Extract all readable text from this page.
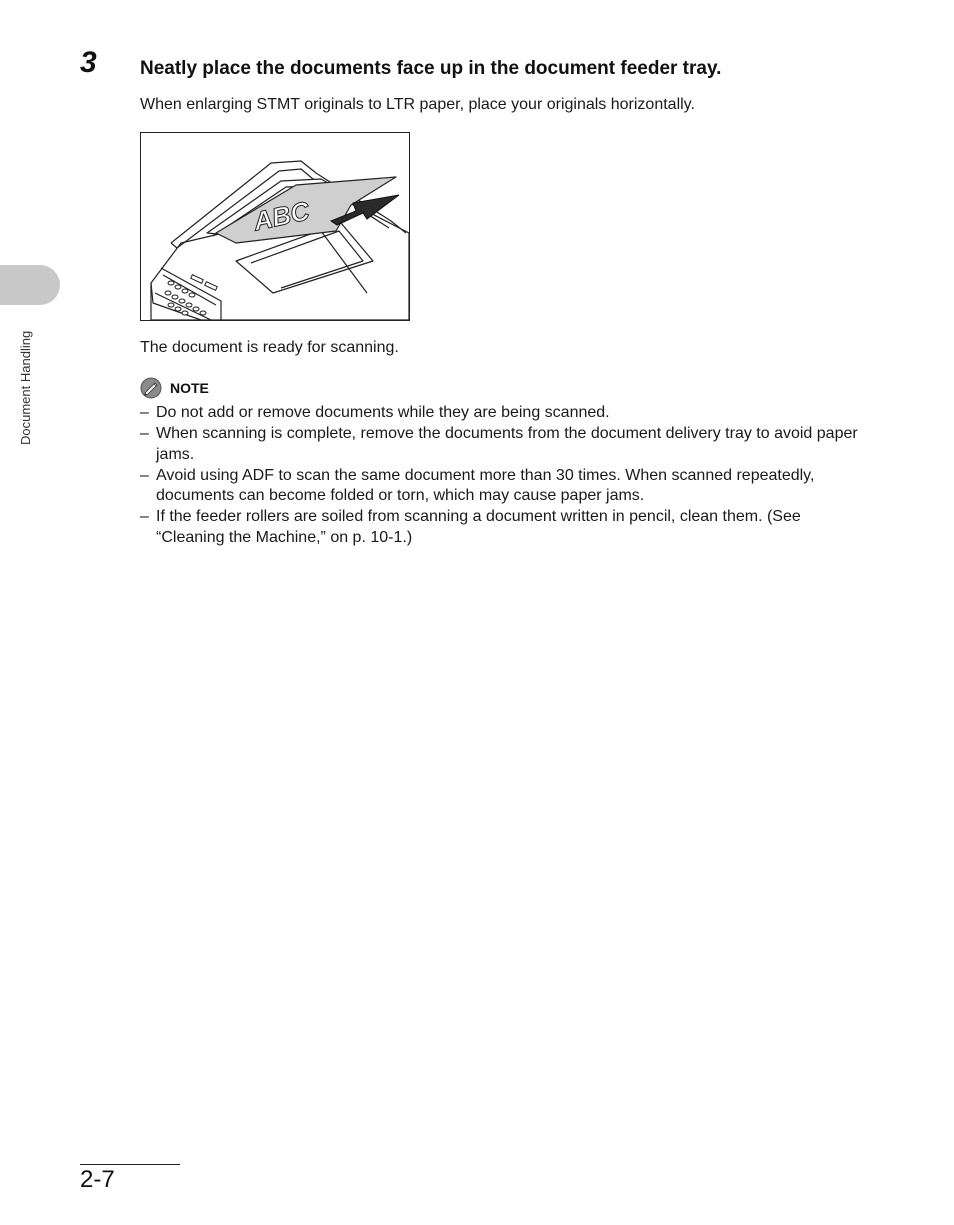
Document Handling
3 Neatly place the documents face up in the document feeder tray.
When enlarging STMT originals to LTR paper, place your originals horizontally.
ABC
The document is ready for scanning.
NOTE
– Do not add or remove documents while they are being scanned.
– When scanning is complete, remove the documents from the document delivery tray to avoid paper jams.
– Avoid using ADF to scan the same document more than 30 times. When scanned repeatedly, documents can become folded or torn, which may cause paper jams.
– If the feeder rollers are soiled from scanning a document written in pencil, clean them. (See “Cleaning the Machine,” on p. 10-1.)
2-7
